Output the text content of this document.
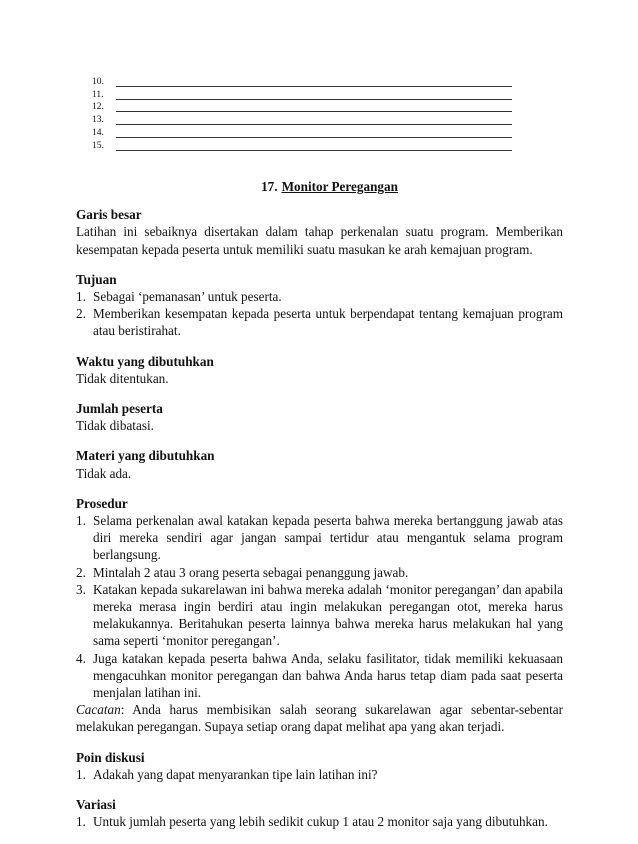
10.
11.
12.
13.
14.
15.
17. Monitor Peregangan
Garis besar
Latihan ini sebaiknya disertakan dalam tahap perkenalan suatu program. Memberikan kesempatan kepada peserta untuk memiliki suatu masukan ke arah kemajuan program.
Tujuan
1. Sebagai ‘pemanasan’ untuk peserta.
2. Memberikan kesempatan kepada peserta untuk berpendapat tentang kemajuan program atau beristirahat.
Waktu yang dibutuhkan
Tidak ditentukan.
Jumlah peserta
Tidak dibatasi.
Materi yang dibutuhkan
Tidak ada.
Prosedur
1. Selama perkenalan awal katakan kepada peserta bahwa mereka bertanggung jawab atas diri mereka sendiri agar jangan sampai tertidur atau mengantuk selama program berlangsung.
2. Mintalah 2 atau 3 orang peserta sebagai penanggung jawab.
3. Katakan kepada sukarelawan ini bahwa mereka adalah ‘monitor peregangan’ dan apabila mereka merasa ingin berdiri atau ingin melakukan peregangan otot, mereka harus melakukannya. Beritahukan peserta lainnya bahwa mereka harus melakukan hal yang sama seperti ‘monitor peregangan’.
4. Juga katakan kepada peserta bahwa Anda, selaku fasilitator, tidak memiliki kekuasaan mengacuhkan monitor peregangan dan bahwa Anda harus tetap diam pada saat peserta menjalan latihan ini.
Cacatan: Anda harus membisikan salah seorang sukarelawan agar sebentar-sebentar melakukan peregangan. Supaya setiap orang dapat melihat apa yang akan terjadi.
Poin diskusi
1. Adakah yang dapat menyarankan tipe lain latihan ini?
Variasi
1. Untuk jumlah peserta yang lebih sedikit cukup 1 atau 2 monitor saja yang dibutuhkan.
